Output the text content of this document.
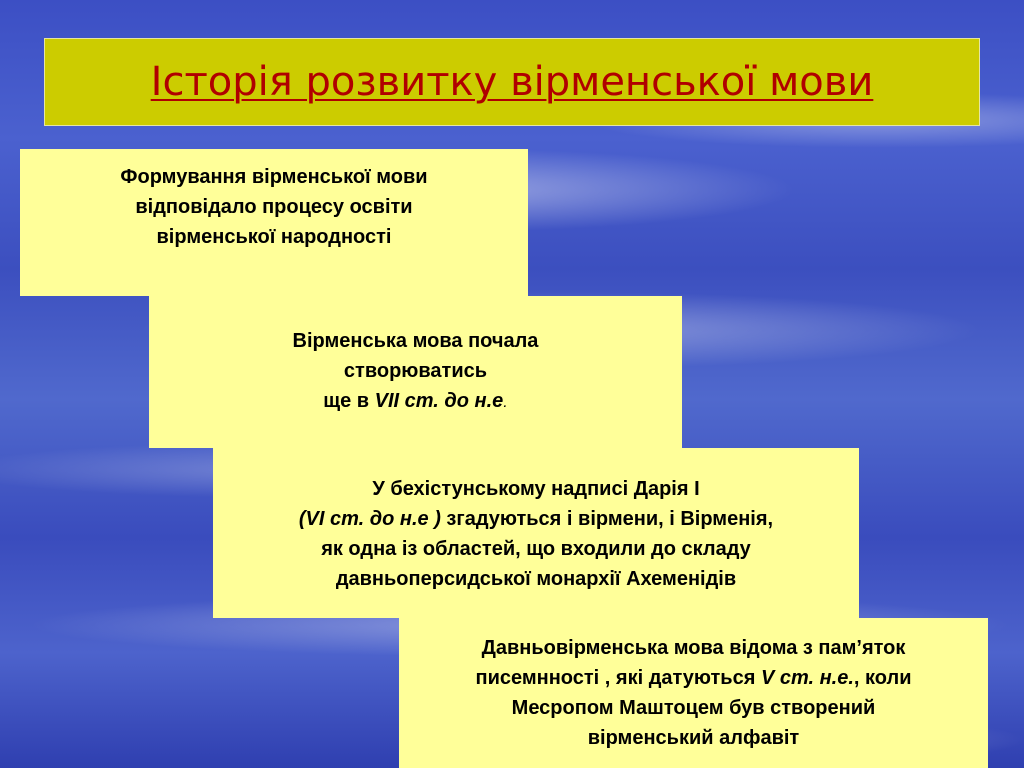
Історія розвитку вірменської мови

Формування вірменської мови
відповідало процесу освіти
вірменської народності

Вірменська мова почала
створюватись
ще в VII ст. до н.е.

У бехістунському надписі Дарія І
(VI ст. до н.е ) згадуються і вірмени, і Вірменія,
як одна із областей, що входили до складу
давньоперсидської монархії Ахеменідів

Давньовірменська мова відома з пам’яток
писемнності , які датуються V ст. н.е., коли
Месропом Маштоцем був створений
вірменський алфавіт
